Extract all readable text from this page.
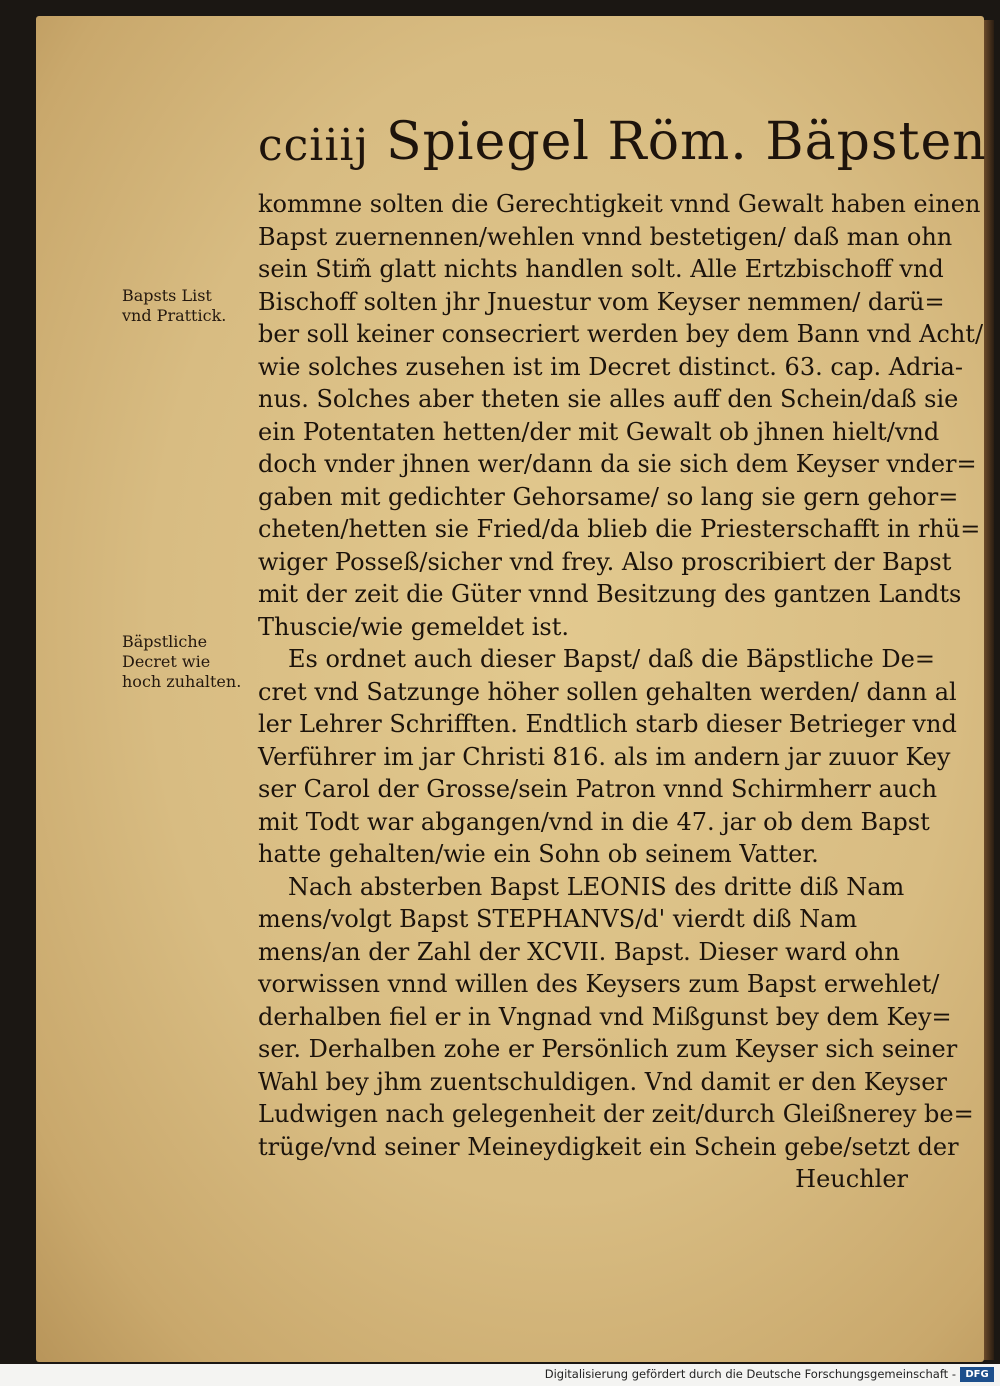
cciiij Spiegel Röm. Bäpsten
Bapsts List
vnd Prattick.
Bäpstliche
Decret wie
hoch zuhalten.
kommne solten die Gerechtigkeit vnnd Gewalt haben einen
Bapst zuernennen/wehlen vnnd bestetigen/ daß man ohn
sein Stim̃ glatt nichts handlen solt. Alle Ertzbischoff vnd
Bischoff solten jhr Jnuestur vom Keyser nemmen/ darü=
ber soll keiner consecriert werden bey dem Bann vnd Acht/
wie solches zusehen ist im Decret distinct. 63. cap. Adria-
nus. Solches aber theten sie alles auff den Schein/daß sie
ein Potentaten hetten/der mit Gewalt ob jhnen hielt/vnd
doch vnder jhnen wer/dann da sie sich dem Keyser vnder=
gaben mit gedichter Gehorsame/ so lang sie gern gehor=
cheten/hetten sie Fried/da blieb die Priesterschafft in rhü=
wiger Posseß/sicher vnd frey. Also proscribiert der Bapst
mit der zeit die Güter vnnd Besitzung des gantzen Landts
Thuscie/wie gemeldet ist.
Es ordnet auch dieser Bapst/ daß die Bäpstliche De=
cret vnd Satzunge höher sollen gehalten werden/ dann al
ler Lehrer Schrifften. Endtlich starb dieser Betrieger vnd
Verführer im jar Christi 816. als im andern jar zuuor Key
ser Carol der Grosse/sein Patron vnnd Schirmherr auch
mit Todt war abgangen/vnd in die 47. jar ob dem Bapst
hatte gehalten/wie ein Sohn ob seinem Vatter.
Nach absterben Bapst LEONIS des dritte diß Nam
mens/volgt Bapst STEPHANVS/d' vierdt diß Nam
mens/an der Zahl der XCVII. Bapst. Dieser ward ohn
vorwissen vnnd willen des Keysers zum Bapst erwehlet/
derhalben fiel er in Vngnad vnd Mißgunst bey dem Key=
ser. Derhalben zohe er Persönlich zum Keyser sich seiner
Wahl bey jhm zuentschuldigen. Vnd damit er den Keyser
Ludwigen nach gelegenheit der zeit/durch Gleißnerey be=
trüge/vnd seiner Meineydigkeit ein Schein gebe/setzt der
Heuchler
Digitalisierung gefördert durch die Deutsche Forschungsgemeinschaft - DFG
